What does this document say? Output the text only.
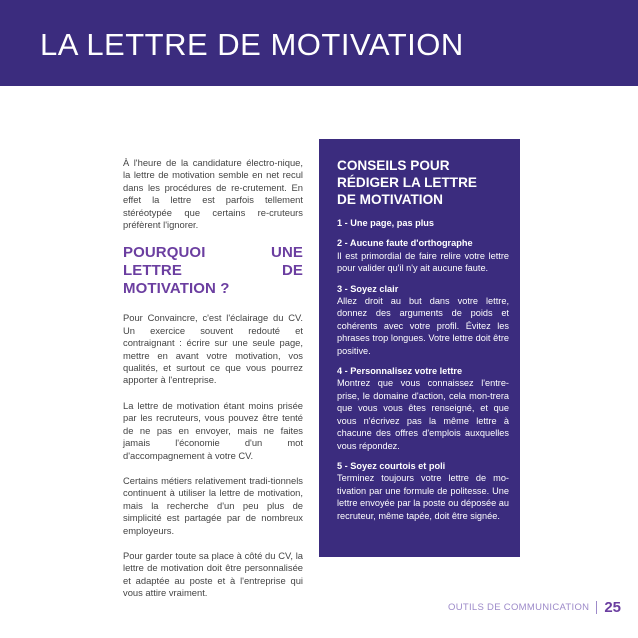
LA LETTRE DE MOTIVATION

À l'heure de la candidature électro-nique, la lettre de motivation semble en net recul dans les procédures de re-crutement. En effet la lettre est parfois tellement stéréotypée que certains re-cruteurs préfèrent l'ignorer.

POURQUOI UNE LETTRE DE MOTIVATION ?

Pour Convaincre, c'est l'éclairage du CV. Un exercice souvent redouté et contraignant : écrire sur une seule page, mettre en avant votre motivation, vos qualités, et surtout ce que vous pourrez apporter à l'entreprise.

La lettre de motivation étant moins prisée par les recruteurs, vous pouvez être tenté de ne pas en envoyer, mais ne faites jamais l'économie d'un mot d'accompagnement à votre CV.

Certains métiers relativement tradi-tionnels continuent à utiliser la lettre de motivation, mais la recherche d'un peu plus de simplicité est partagée par de nombreux employeurs.

Pour garder toute sa place à côté du CV, la lettre de motivation doit être personnalisée et adaptée au poste et à l'entreprise qui vous attire vraiment.

CONSEILS POUR
RÉDIGER LA LETTRE
DE MOTIVATION
1 - Une page, pas plus
2 - Aucune faute d'orthographe
Il est primordial de faire relire votre lettre pour valider qu'il n'y ait aucune faute.
3 - Soyez clair
Allez droit au but dans votre lettre, donnez des arguments de poids et cohérents avec votre profil. Évitez les phrases trop longues. Votre lettre doit être positive.
4 - Personnalisez votre lettre
Montrez que vous connaissez l'entre-prise, le domaine d'action, cela mon-trera que vous vous êtes renseigné, et que vous n'écrivez pas la même lettre à chacune des offres d'emplois auxquelles vous répondez.
5 - Soyez courtois et poli
Terminez toujours votre lettre de mo-tivation par une formule de politesse. Une lettre envoyée par la poste ou déposée au recruteur, même tapée, doit être signée.
OUTILS DE COMMUNICATION 25
